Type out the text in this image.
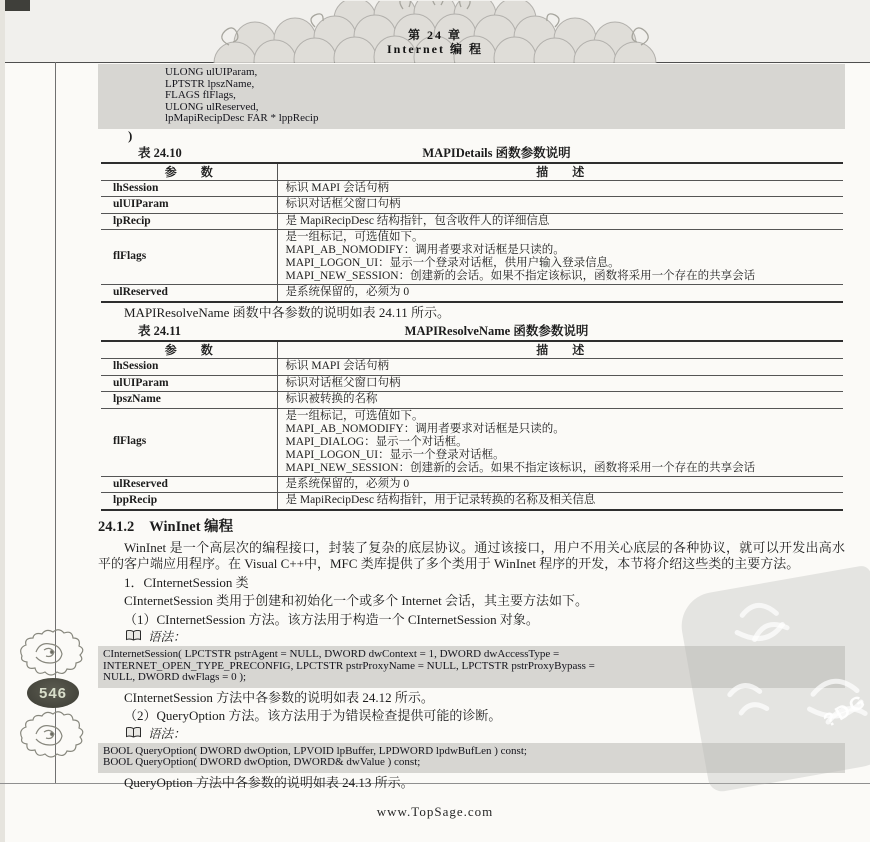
第 24 章
Internet 编 程
546
ULONG ulUIParam,
LPTSTR lpszName,
FLAGS flFlags,
ULONG ulReserved,
lpMapiRecipDesc FAR * lppRecip
)
表 24.10	MAPIDetails 函数参数说明
参　　数	描　　述
lhSession	标识 MAPI 会话句柄

ulUIParam	标识对话框父窗口句柄

lpRecip	是 MapiRecipDesc 结构指针，包含收件人的详细信息

flFlags	是一组标记，可选值如下。
MAPI_AB_NOMODIFY：调用者要求对话框是只读的。
MAPI_LOGON_UI：显示一个登录对话框，供用户输入登录信息。
MAPI_NEW_SESSION：创建新的会话。如果不指定该标识，函数将采用一个存在的共享会话

ulReserved	是系统保留的，必须为 0

MAPIResolveName 函数中各参数的说明如表 24.11 所示。

表 24.11	MAPIResolveName 函数参数说明
参　　数	描　　述
lhSession	标识 MAPI 会话句柄

ulUIParam	标识对话框父窗口句柄

lpszName	标识被转换的名称

flFlags	是一组标记，可选值如下。
MAPI_AB_NOMODIFY：调用者要求对话框是只读的。
MAPI_DIALOG：显示一个对话框。
MAPI_LOGON_UI：显示一个登录对话框。
MAPI_NEW_SESSION：创建新的会话。如果不指定该标识，函数将采用一个存在的共享会话

ulReserved	是系统保留的，必须为 0

lppRecip	是 MapiRecipDesc 结构指针，用于记录转换的名称及相关信息
24.1.2 WinInet 编程

WinInet 是一个高层次的编程接口，封装了复杂的底层协议。通过该接口，用户不用关心底层的各种协议，就可以开发出高水平的客户端应用程序。在 Visual C++中，MFC 类库提供了多个类用于 WinInet 程序的开发，本节将介绍这些类的主要方法。

1．CInternetSession 类

CInternetSession 类用于创建和初始化一个或多个 Internet 会话，其主要方法如下。

（1）CInternetSession 方法。该方法用于构造一个 CInternetSession 对象。

语法：
CInternetSession( LPCTSTR pstrAgent = NULL, DWORD dwContext = 1, DWORD dwAccessType =
INTERNET_OPEN_TYPE_PRECONFIG, LPCTSTR pstrProxyName = NULL, LPCTSTR pstrProxyBypass =
NULL, DWORD dwFlags = 0 );

CInternetSession 方法中各参数的说明如表 24.12 所示。

（2）QueryOption 方法。该方法用于为错误检查提供可能的诊断。

语法：
BOOL QueryOption( DWORD dwOption, LPVOID lpBuffer, LPDWORD lpdwBufLen ) const;
BOOL QueryOption( DWORD dwOption, DWORD& dwValue ) const;

QueryOption 方法中各参数的说明如表 24.13 所示。

?DG
www.TopSage.com
